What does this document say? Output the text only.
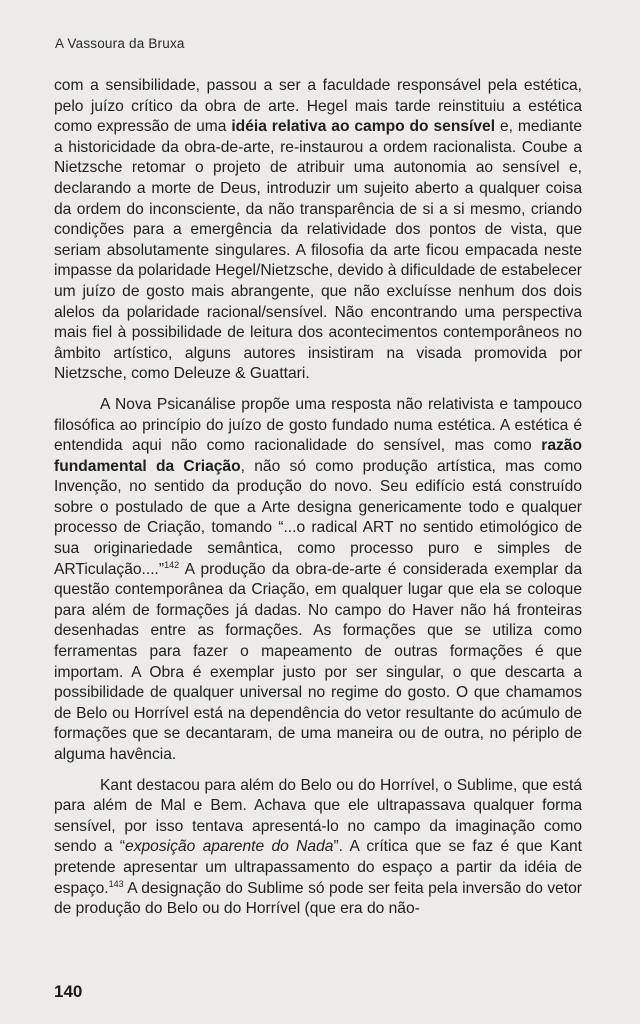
A Vassoura da Bruxa

com a sensibilidade, passou a ser a faculdade responsável pela estética, pelo juízo crítico da obra de arte. Hegel mais tarde reinstituiu a estética como expressão de uma idéia relativa ao campo do sensível e, mediante a historicidade da obra-de-arte, re-instaurou a ordem racionalista. Coube a Nietzsche retomar o projeto de atribuir uma autonomia ao sensível e, declarando a morte de Deus, introduzir um sujeito aberto a qualquer coisa da ordem do inconsciente, da não transparência de si a si mesmo, criando condições para a emergência da relatividade dos pontos de vista, que seriam absolutamente singulares. A filosofia da arte ficou empacada neste impasse da polaridade Hegel/Nietzsche, devido à dificuldade de estabelecer um juízo de gosto mais abrangente, que não excluísse nenhum dos dois alelos da polaridade racional/sensível. Não encontrando uma perspectiva mais fiel à possibilidade de leitura dos acontecimentos contemporâneos no âmbito artístico, alguns autores insistiram na visada promovida por Nietzsche, como Deleuze & Guattari.

A Nova Psicanálise propõe uma resposta não relativista e tampouco filosófica ao princípio do juízo de gosto fundado numa estética. A estética é entendida aqui não como racionalidade do sensível, mas como razão fundamental da Criação, não só como produção artística, mas como Invenção, no sentido da produção do novo. Seu edifício está construído sobre o postulado de que a Arte designa genericamente todo e qualquer processo de Criação, tomando “...o radical ART no sentido etimológico de sua originariedade semântica, como processo puro e simples de ARTiculação....”$^{142}$ A produção da obra-de-arte é considerada exemplar da questão contemporânea da Criação, em qualquer lugar que ela se coloque para além de formações já dadas. No campo do Haver não há fronteiras desenhadas entre as formações. As formações que se utiliza como ferramentas para fazer o mapeamento de outras formações é que importam. A Obra é exemplar justo por ser singular, o que descarta a possibilidade de qualquer universal no regime do gosto. O que chamamos de Belo ou Horrível está na dependência do vetor resultante do acúmulo de formações que se decantaram, de uma maneira ou de outra, no périplo de alguma havência.

Kant destacou para além do Belo ou do Horrível, o Sublime, que está para além de Mal e Bem. Achava que ele ultrapassava qualquer forma sensível, por isso tentava apresentá-lo no campo da imaginação como sendo a “exposição aparente do Nada”. A crítica que se faz é que Kant pretende apresentar um ultrapassamento do espaço a partir da idéia de espaço.$^{143}$ A designação do Sublime só pode ser feita pela inversão do vetor de produção do Belo ou do Horrível (que era do não-

140
